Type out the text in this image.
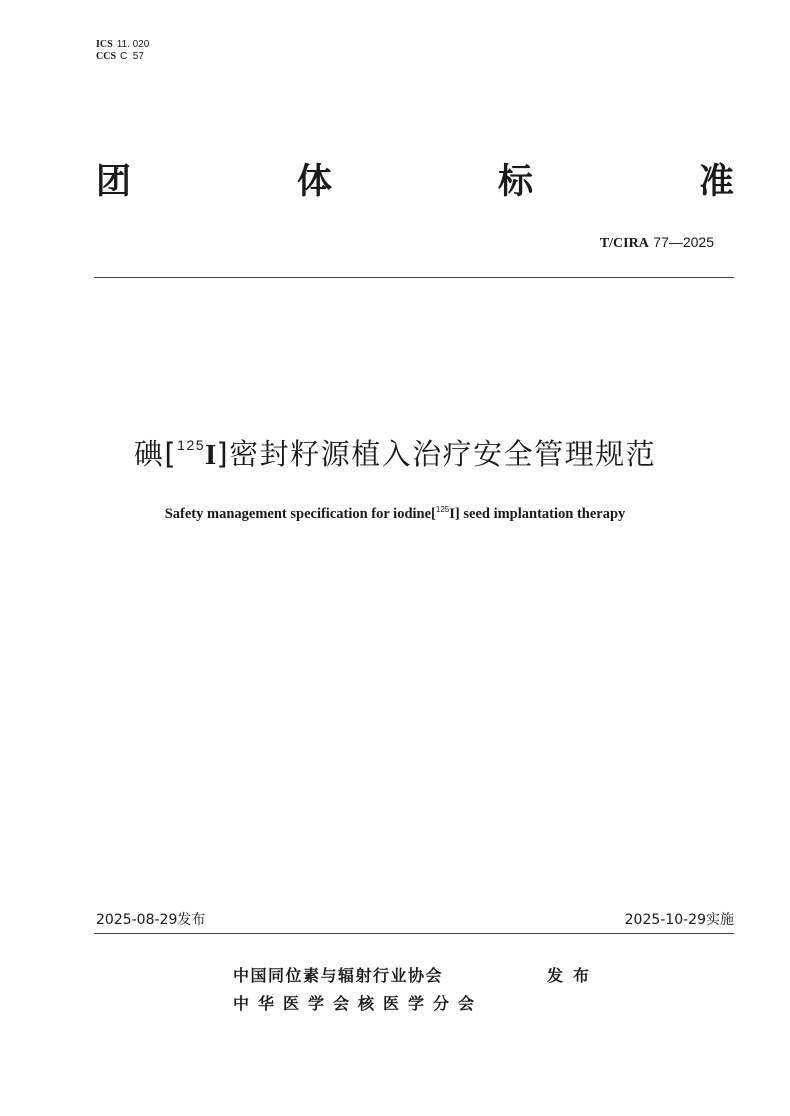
ICS 11. 020
CCS C  57
团	体	标	准
T/CIRA 77—2025
碘[$^{125}$I]密封籽源植入治疗安全管理规范
Safety management specification for iodine[$^{125}$I] seed implantation therapy
2025-08-29发布	2025-10-29实施
中国同位素与辐射行业协会
中华医学会核医学分会
发布
